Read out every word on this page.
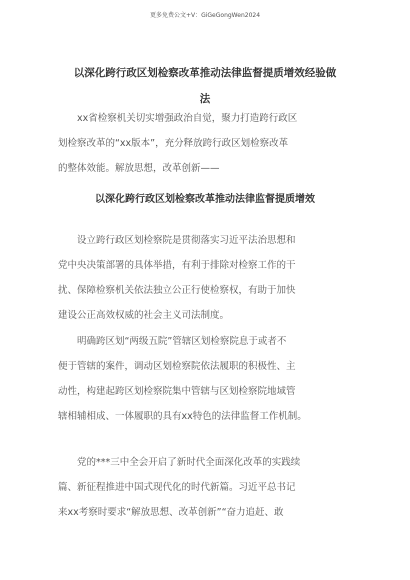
更多免费公文+V：GiGeGongWen2024
以深化跨行政区划检察改革推动法律监督提质增效经验做
法
xx省检察机关切实增强政治自觉，聚力打造跨行政区
划检察改革的“xx版本”，充分释放跨行政区划检察改革
的整体效能。解放思想，改革创新——
以深化跨行政区划检察改革推动法律监督提质增效
设立跨行政区划检察院是贯彻落实习近平法治思想和
党中央决策部署的具体举措，有利于排除对检察工作的干
扰、保障检察机关依法独立公正行使检察权，有助于加快
建设公正高效权威的社会主义司法制度。
明确跨区划“两级五院”管辖区划检察院息于或者不
便于管辖的案件，调动区划检察院依法履职的积极性、主
动性，构建起跨区划检察院集中管辖与区划检察院地域管
辖相辅相成、一体履职的具有xx特色的法律监督工作机制。
党的***三中全会开启了新时代全面深化改革的实践续
篇、新征程推进中国式现代化的时代新篇。习近平总书记
来xx考察时要求“解放思想、改革创新”“奋力追赶、敢
